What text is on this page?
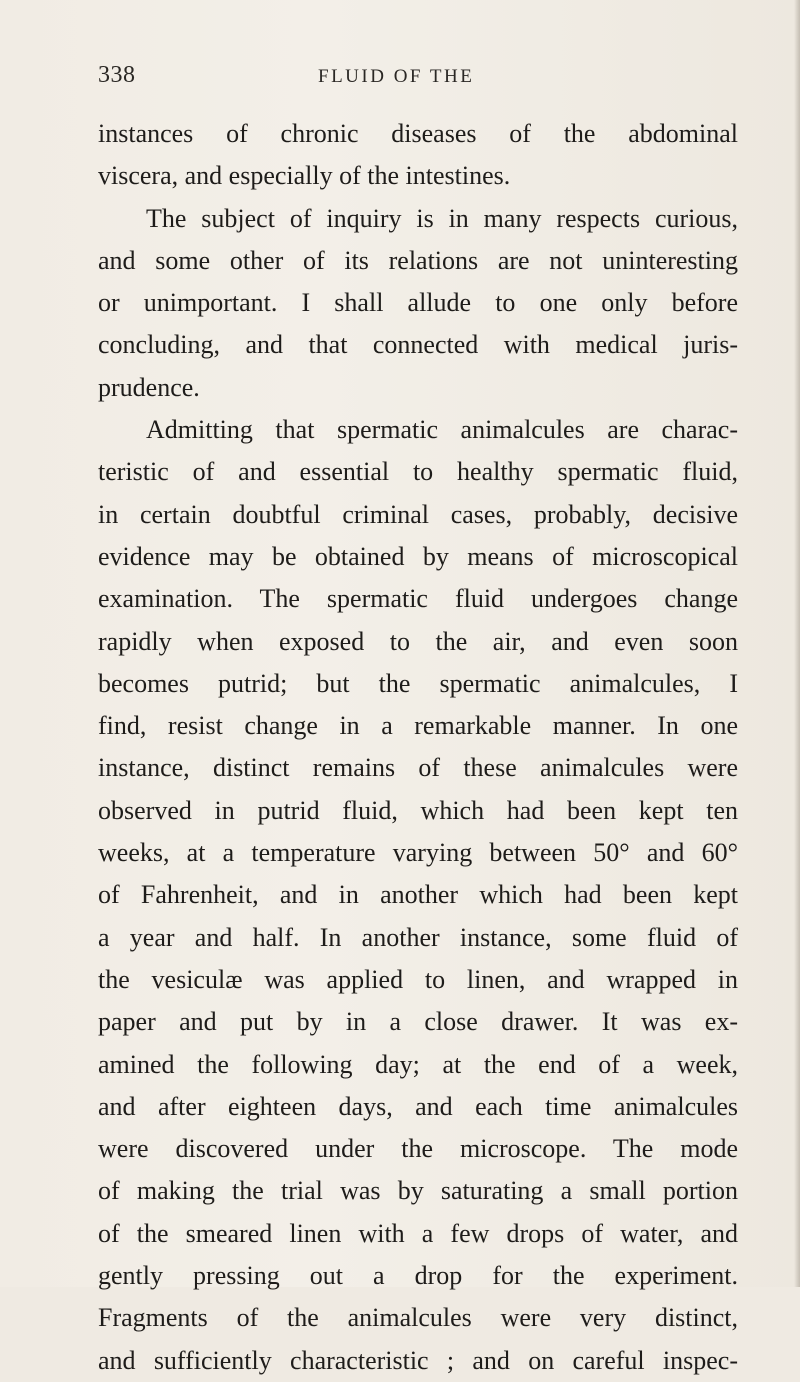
338	FLUID OF THE
instances of chronic diseases of the abdominal
viscera, and especially of the intestines.
The subject of inquiry is in many respects curious,
and some other of its relations are not uninteresting
or unimportant. I shall allude to one only before
concluding, and that connected with medical juris-
prudence.
Admitting that spermatic animalcules are charac-
teristic of and essential to healthy spermatic fluid,
in certain doubtful criminal cases, probably, decisive
evidence may be obtained by means of microscopical
examination. The spermatic fluid undergoes change
rapidly when exposed to the air, and even soon
becomes putrid; but the spermatic animalcules, I
find, resist change in a remarkable manner. In one
instance, distinct remains of these animalcules were
observed in putrid fluid, which had been kept ten
weeks, at a temperature varying between 50° and 60°
of Fahrenheit, and in another which had been kept
a year and half. In another instance, some fluid of
the vesiculæ was applied to linen, and wrapped in
paper and put by in a close drawer. It was ex-
amined the following day; at the end of a week,
and after eighteen days, and each time animalcules
were discovered under the microscope. The mode
of making the trial was by saturating a small portion
of the smeared linen with a few drops of water, and
gently pressing out a drop for the experiment.
Fragments of the animalcules were very distinct,
and sufficiently characteristic ; and on careful inspec-
